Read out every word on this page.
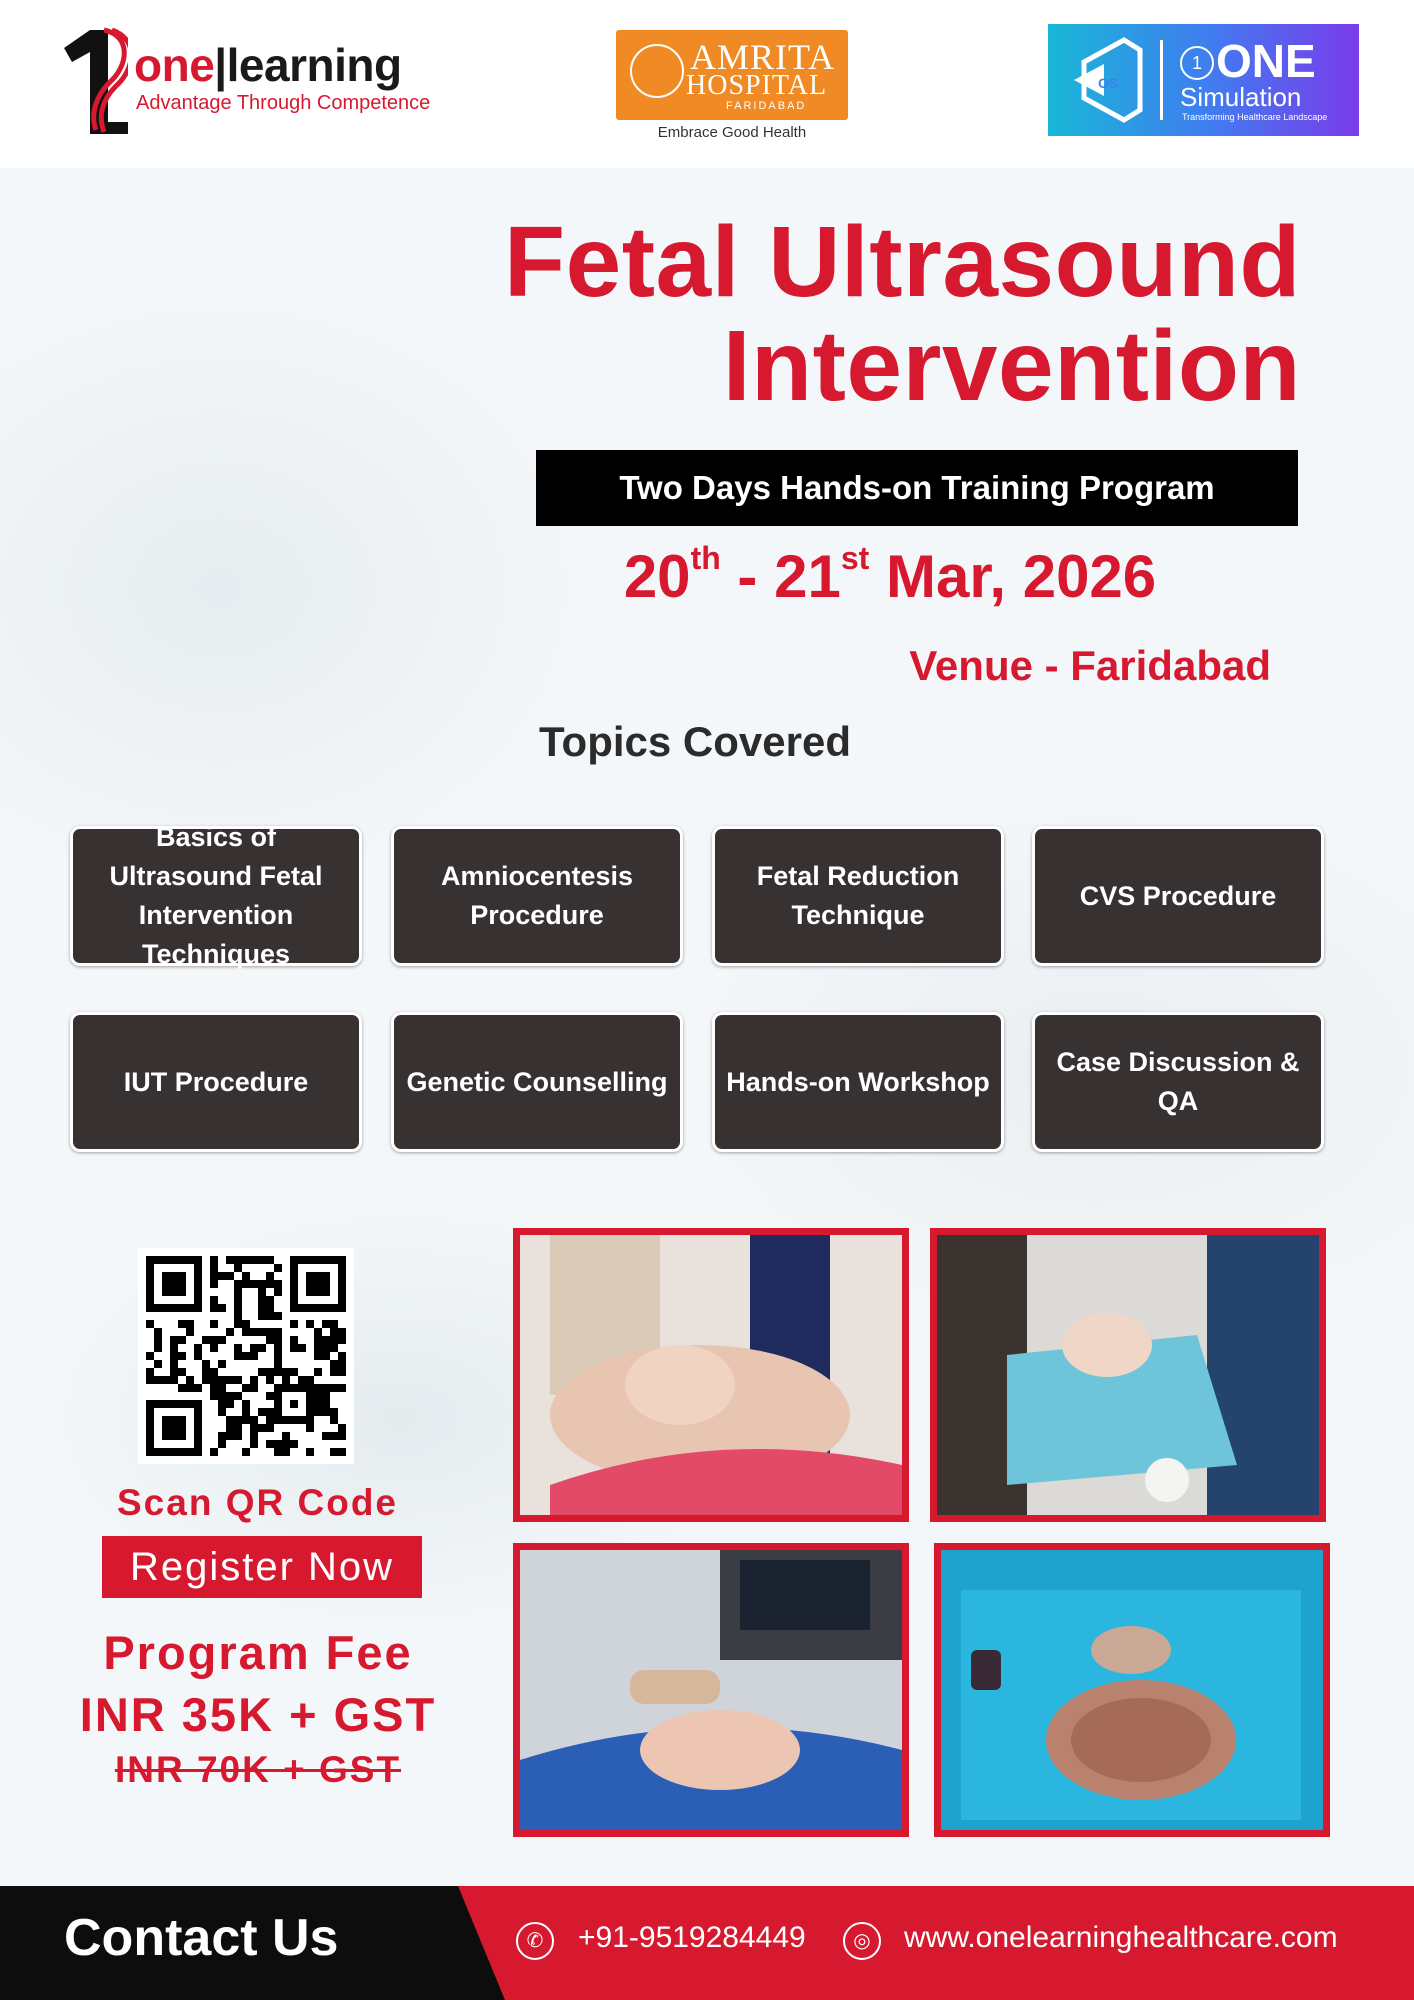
one|learning
Advantage Through Competence
AMRITA
HOSPITAL
FARIDABAD
Embrace Good Health
OS
1 ONE
Simulation
Transforming Healthcare Landscape
Fetal Ultrasound
Intervention
Two Days Hands-on Training Program
20th - 21st Mar, 2026
Venue - Faridabad
Topics Covered
Basics of Ultrasound Fetal Intervention Techniques
Amniocentesis Procedure
Fetal Reduction Technique
CVS Procedure
IUT Procedure	Genetic Counselling	Hands-on Workshop
Case Discussion & QA
Scan QR Code
Register Now
Program Fee
INR 35K + GST
INR 70K + GST
Contact Us	✆	+91-9519284449	◎	www.onelearninghealthcare.com
